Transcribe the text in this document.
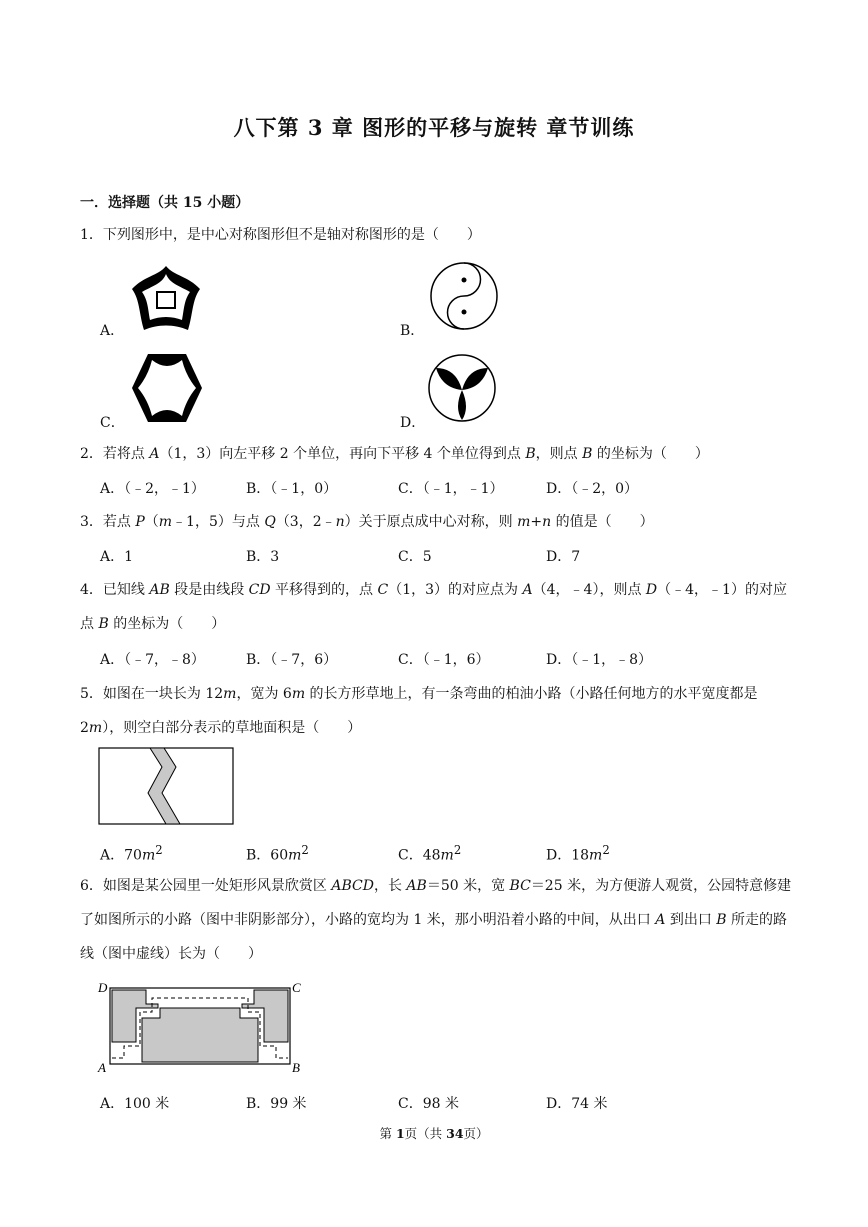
八下第 3 章 图形的平移与旋转 章节训练
一．选择题（共 15 小题）
1．下列图形中，是中心对称图形但不是轴对称图形的是（　　）
A．	B．
C．	D．
2．若将点 A（1，3）向左平移 2 个单位，再向下平移 4 个单位得到点 B，则点 B 的坐标为（　　）
A．（﹣2，﹣1）	B．（﹣1，0）	C．（﹣1，﹣1）	D．（﹣2，0）
3．若点 P（m﹣1，5）与点 Q（3，2﹣n）关于原点成中心对称，则 m+n 的值是（　　）
A．1	B．3	C．5	D．7
4．已知线 AB 段是由线段 CD 平移得到的，点 C（1，3）的对应点为 A（4，﹣4），则点 D（﹣4，﹣1）的对应点 B 的坐标为（　　）
A．（﹣7，﹣8）	B．（﹣7，6）	C．（﹣1，6）	D．（﹣1，﹣8）
5．如图在一块长为 12m，宽为 6m 的长方形草地上，有一条弯曲的柏油小路（小路任何地方的水平宽度都是 2m），则空白部分表示的草地面积是（　　）
A．$70m^2$	B．$60m^2$	C．$48m^2$	D．$18m^2$
6．如图是某公园里一处矩形风景欣赏区 ABCD，长 AB＝50 米，宽 BC＝25 米，为方便游人观赏，公园特意修建了如图所示的小路（图中非阴影部分），小路的宽均为 1 米，那小明沿着小路的中间，从出口 A 到出口 B 所走的路线（图中虚线）长为（　　）
D	C
A	B
A．100 米	B．99 米	C．98 米	D．74 米
第 1页（共 34页）
